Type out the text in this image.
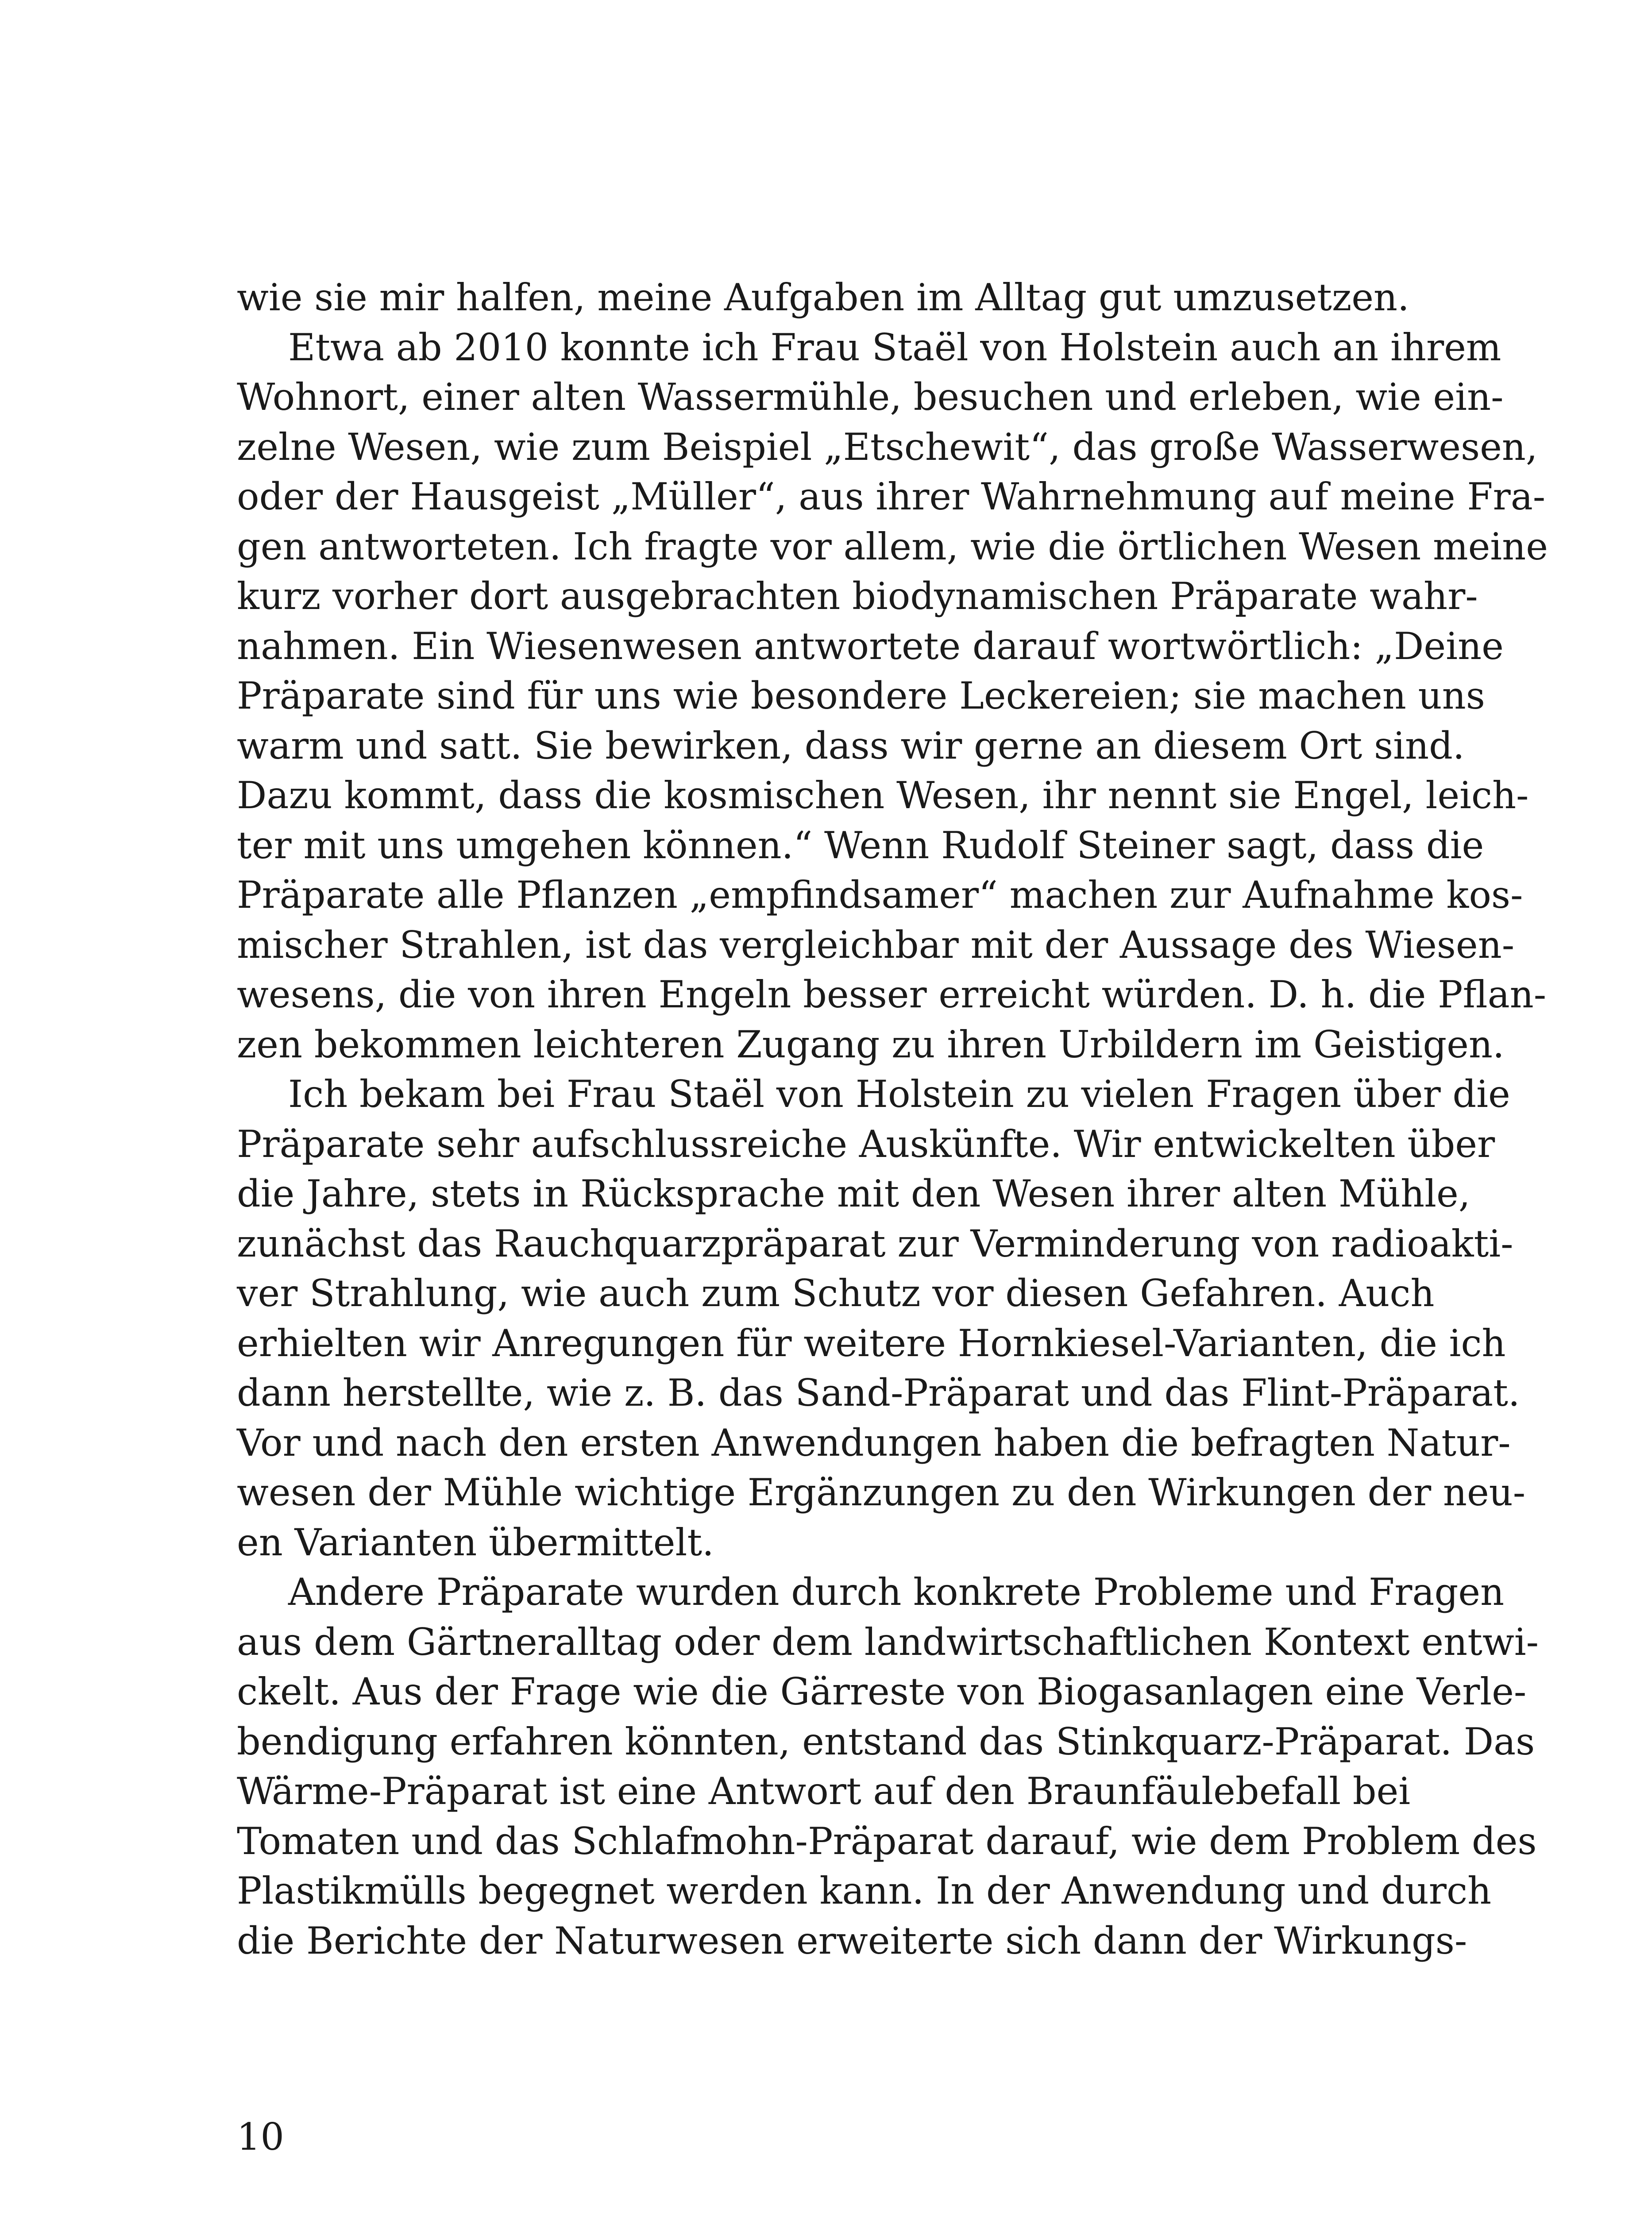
wie sie mir halfen, meine Aufgaben im Alltag gut umzusetzen.
Etwa ab 2010 konnte ich Frau Staël von Holstein auch an ihrem
Wohnort, einer alten Wassermühle, besuchen und erleben, wie ein-
zelne Wesen, wie zum Beispiel „Etschewit“, das große Wasserwesen,
oder der Hausgeist „Müller“, aus ihrer Wahrnehmung auf meine Fra-
gen antworteten. Ich fragte vor allem, wie die örtlichen Wesen meine
kurz vorher dort ausgebrachten biodynamischen Präparate wahr-
nahmen. Ein Wiesenwesen antwortete darauf wortwörtlich: „Deine
Präparate sind für uns wie besondere Leckereien; sie machen uns
warm und satt. Sie bewirken, dass wir gerne an diesem Ort sind.
Dazu kommt, dass die kosmischen Wesen, ihr nennt sie Engel, leich-
ter mit uns umgehen können.“ Wenn Rudolf Steiner sagt, dass die
Präparate alle Pflanzen „empfindsamer“ machen zur Aufnahme kos-
mischer Strahlen, ist das vergleichbar mit der Aussage des Wiesen-
wesens, die von ihren Engeln besser erreicht würden. D. h. die Pflan-
zen bekommen leichteren Zugang zu ihren Urbildern im Geistigen.
Ich bekam bei Frau Staël von Holstein zu vielen Fragen über die
Präparate sehr aufschlussreiche Auskünfte. Wir entwickelten über
die Jahre, stets in Rücksprache mit den Wesen ihrer alten Mühle,
zunächst das Rauchquarzpräparat zur Verminderung von radioakti-
ver Strahlung, wie auch zum Schutz vor diesen Gefahren. Auch
erhielten wir Anregungen für weitere Hornkiesel-Varianten, die ich
dann herstellte, wie z. B. das Sand-Präparat und das Flint-Präparat.
Vor und nach den ersten Anwendungen haben die befragten Natur-
wesen der Mühle wichtige Ergänzungen zu den Wirkungen der neu-
en Varianten übermittelt.
Andere Präparate wurden durch konkrete Probleme und Fragen
aus dem Gärtneralltag oder dem landwirtschaftlichen Kontext entwi-
ckelt. Aus der Frage wie die Gärreste von Biogasanlagen eine Verle-
bendigung erfahren könnten, entstand das Stinkquarz-Präparat. Das
Wärme-Präparat ist eine Antwort auf den Braunfäulebefall bei
Tomaten und das Schlafmohn-Präparat darauf, wie dem Problem des
Plastikmülls begegnet werden kann. In der Anwendung und durch
die Berichte der Naturwesen erweiterte sich dann der Wirkungs-
10
